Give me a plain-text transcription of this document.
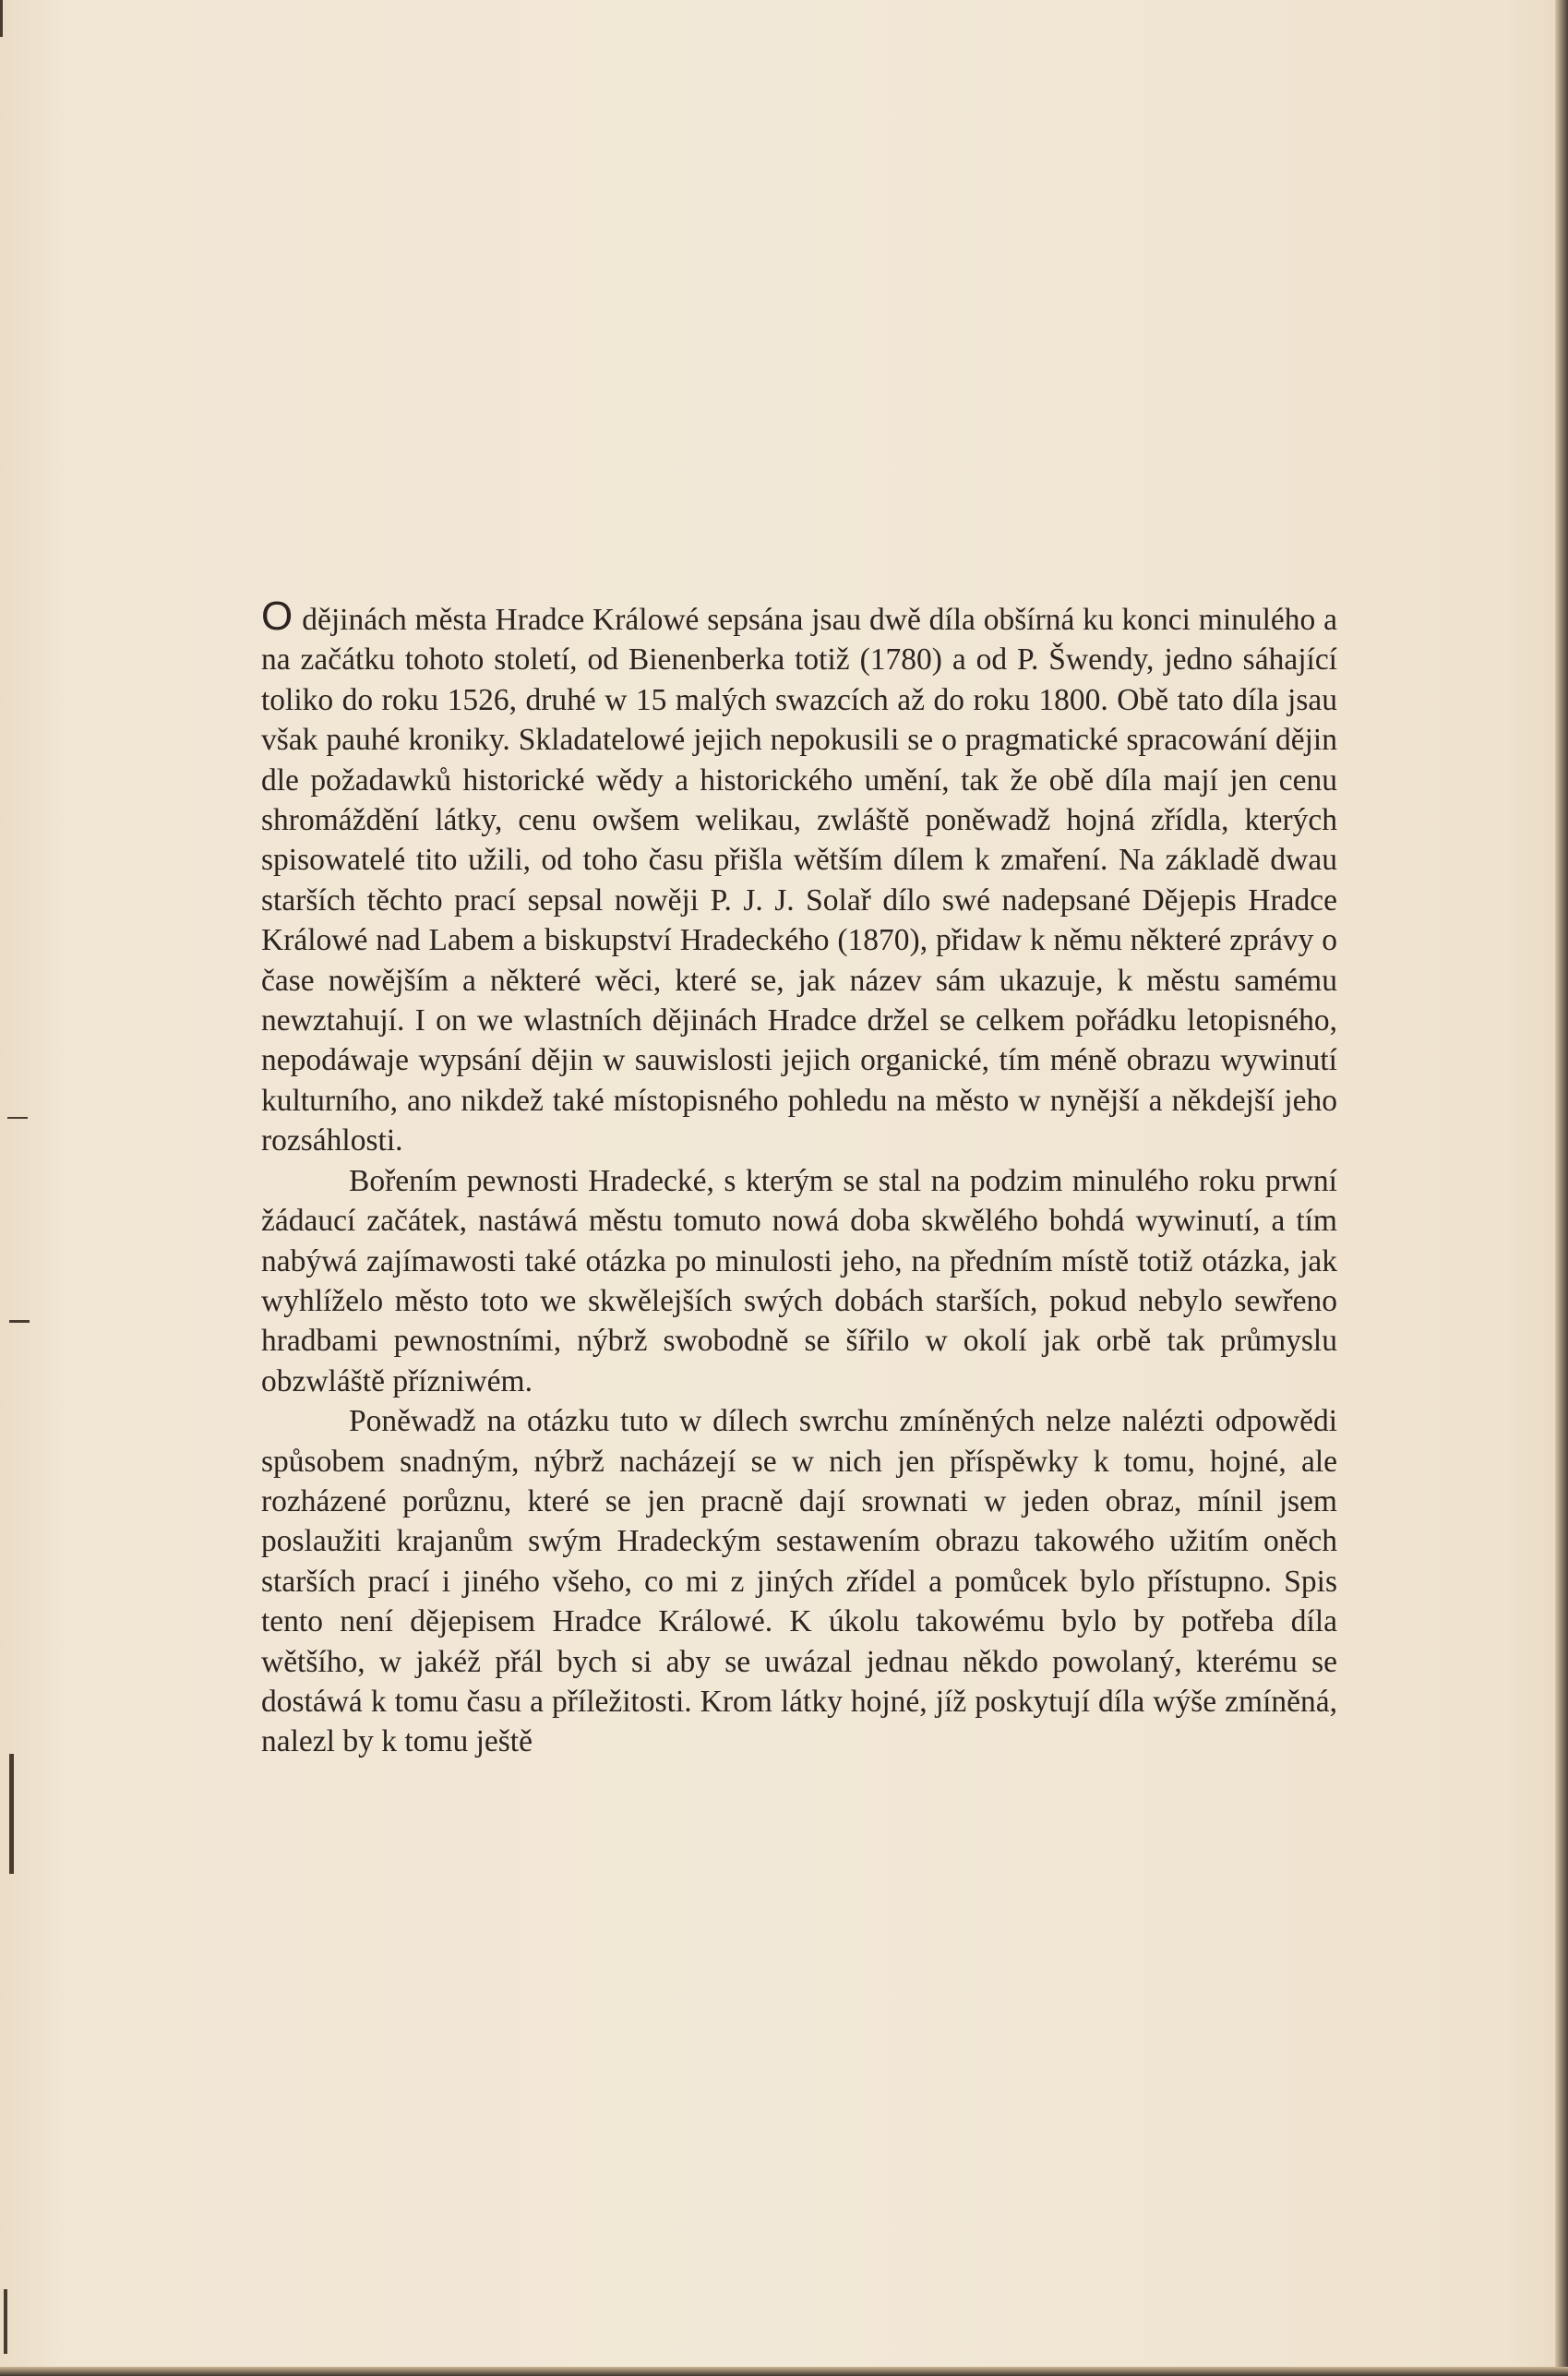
O dějinách města Hradce Králowé sepsána jsau dwě díla obšírná ku konci minulého a na začátku tohoto století, od Bienenberka totiž (1780) a od P. Šwendy, jedno sáhající toliko do roku 1526, druhé w 15 malých swazcích až do roku 1800. Obě tato díla jsau však pauhé kroniky. Skladatelowé jejich nepokusili se o pragmatické spracowání dějin dle požadawků historické wědy a historického umění, tak že obě díla mají jen cenu shromáždění látky, cenu owšem welikau, zwláště poněwadž hojná zřídla, kterých spisowatelé tito užili, od toho času přišla wětším dílem k zmaření. Na základě dwau starších těchto prací sepsal nowěji P. J. J. Solař dílo swé nadepsané Dějepis Hradce Králowé nad Labem a biskupství Hradeckého (1870), přidaw k němu některé zprávy o čase nowějším a některé wěci, které se, jak název sám ukazuje, k městu samému newztahují. I on we wlastních dějinách Hradce držel se celkem pořádku letopisného, nepodáwaje wypsání dějin w sauwislosti jejich organické, tím méně obrazu wywinutí kulturního, ano nikdež také místopisného pohledu na město w nynější a někdejší jeho rozsáhlosti.

Bořením pewnosti Hradecké, s kterým se stal na podzim minulého roku prwní žádaucí začátek, nastáwá městu tomuto nowá doba skwělého bohdá wywinutí, a tím nabýwá zajímawosti také otázka po minulosti jeho, na předním místě totiž otázka, jak wyhlíželo město toto we skwělejších swých dobách starších, pokud nebylo sewřeno hradbami pewnostními, nýbrž swobodně se šířilo w okolí jak orbě tak průmyslu obzwláště přízniwém.

Poněwadž na otázku tuto w dílech swrchu zmíněných nelze nalézti odpowědi spůsobem snadným, nýbrž nacházejí se w nich jen příspěwky k tomu, hojné, ale rozházené porůznu, které se jen pracně dají srownati w jeden obraz, mínil jsem poslaužiti krajanům swým Hradeckým sestawením obrazu takowého užitím oněch starších prací i jiného všeho, co mi z jiných zřídel a pomůcek bylo přístupno. Spis tento není dějepisem Hradce Králowé. K úkolu takowému bylo by potřeba díla wětšího, w jakéž přál bych si aby se uwázal jednau někdo powolaný, kterému se dostáwá k tomu času a příležitosti. Krom látky hojné, jíž poskytují díla wýše zmíněná, nalezl by k tomu ještě
